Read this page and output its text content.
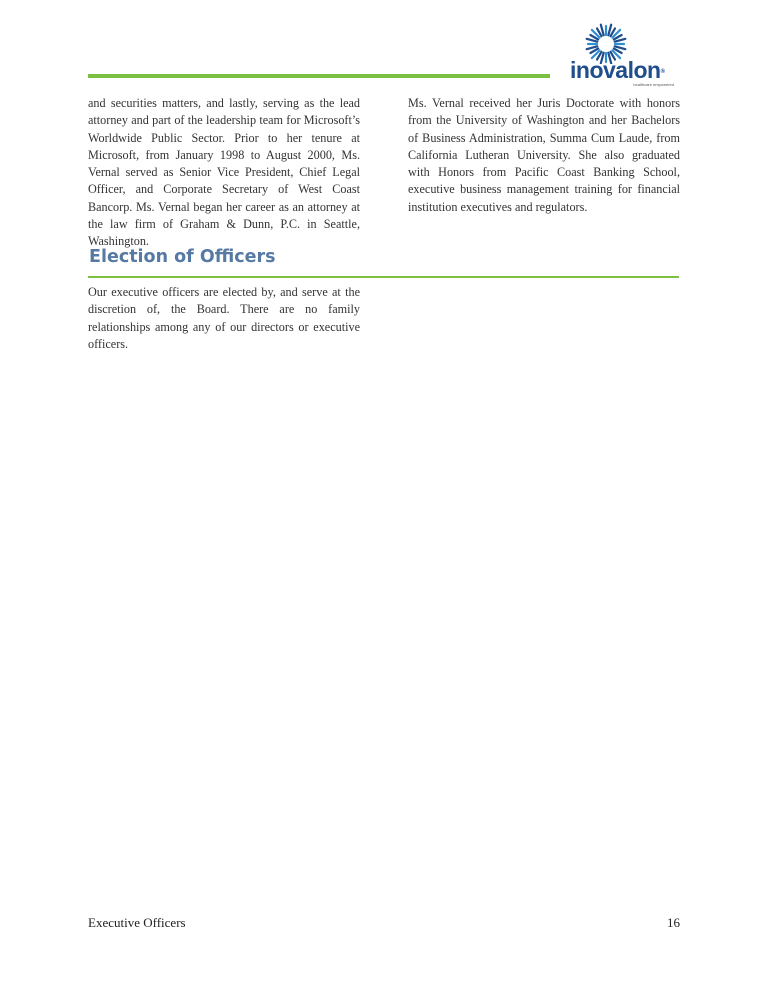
inovalon®
healthcare empowered

and securities matters, and lastly, serving as the lead attorney and part of the leadership team for Microsoft’s Worldwide Public Sector. Prior to her tenure at Microsoft, from January 1998 to August 2000, Ms. Vernal served as Senior Vice President, Chief Legal Officer, and Corporate Secretary of West Coast Bancorp. Ms. Vernal began her career as an attorney at the law firm of Graham & Dunn, P.C. in Seattle, Washington.

Ms. Vernal received her Juris Doctorate with honors from the University of Washington and her Bachelors of Business Administration, Summa Cum Laude, from California Lutheran University. She also graduated with Honors from Pacific Coast Banking School, executive business management training for financial institution executives and regulators.

Election of Officers

Our executive officers are elected by, and serve at the discretion of, the Board. There are no family relationships among any of our directors or executive officers.

Executive Officers	16
